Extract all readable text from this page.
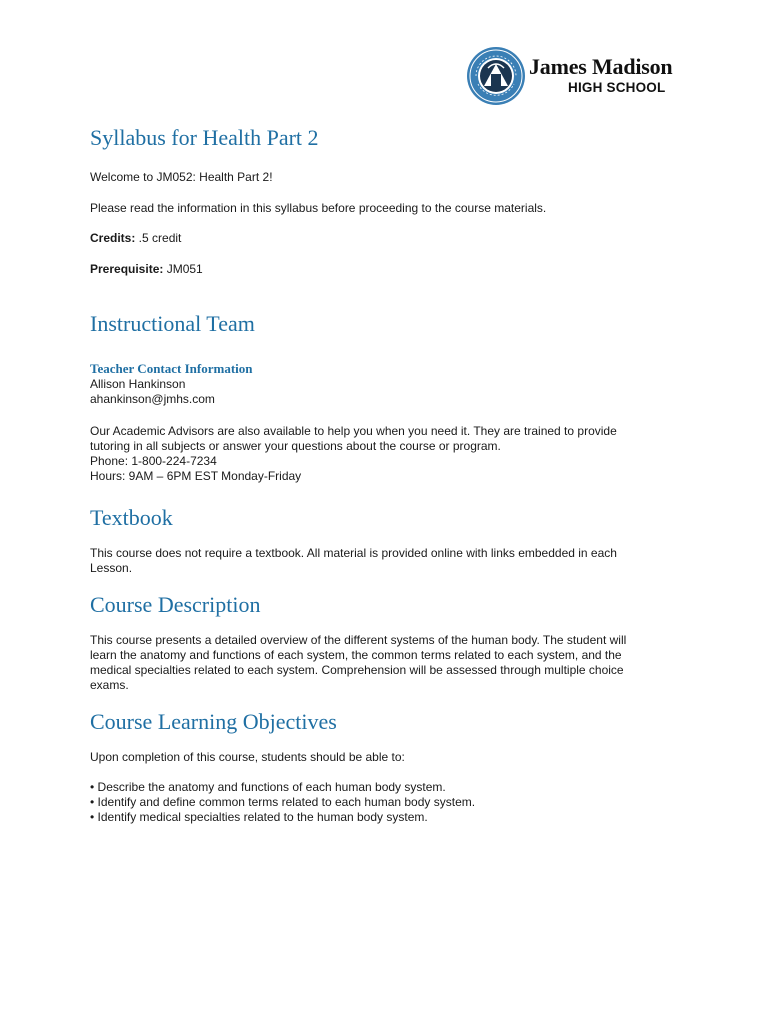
James Madison
HIGH SCHOOL
Syllabus for Health Part 2

Welcome to JM052: Health Part 2!

Please read the information in this syllabus before proceeding to the course materials.

Credits: .5 credit

Prerequisite: JM051

Instructional Team
Teacher Contact Information

Allison Hankinson

ahankinson@jmhs.com

Our Academic Advisors are also available to help you when you need it. They are trained to provide

tutoring in all subjects or answer your questions about the course or program.

Phone: 1-800-224-7234

Hours: 9AM – 6PM EST Monday-Friday

Textbook

This course does not require a textbook. All material is provided online with links embedded in each

Lesson.

Course Description

This course presents a detailed overview of the different systems of the human body. The student will

learn the anatomy and functions of each system, the common terms related to each system, and the

medical specialties related to each system. Comprehension will be assessed through multiple choice

exams.

Course Learning Objectives

Upon completion of this course, students should be able to:

• Describe the anatomy and functions of each human body system.
• Identify and define common terms related to each human body system.
• Identify medical specialties related to the human body system.
